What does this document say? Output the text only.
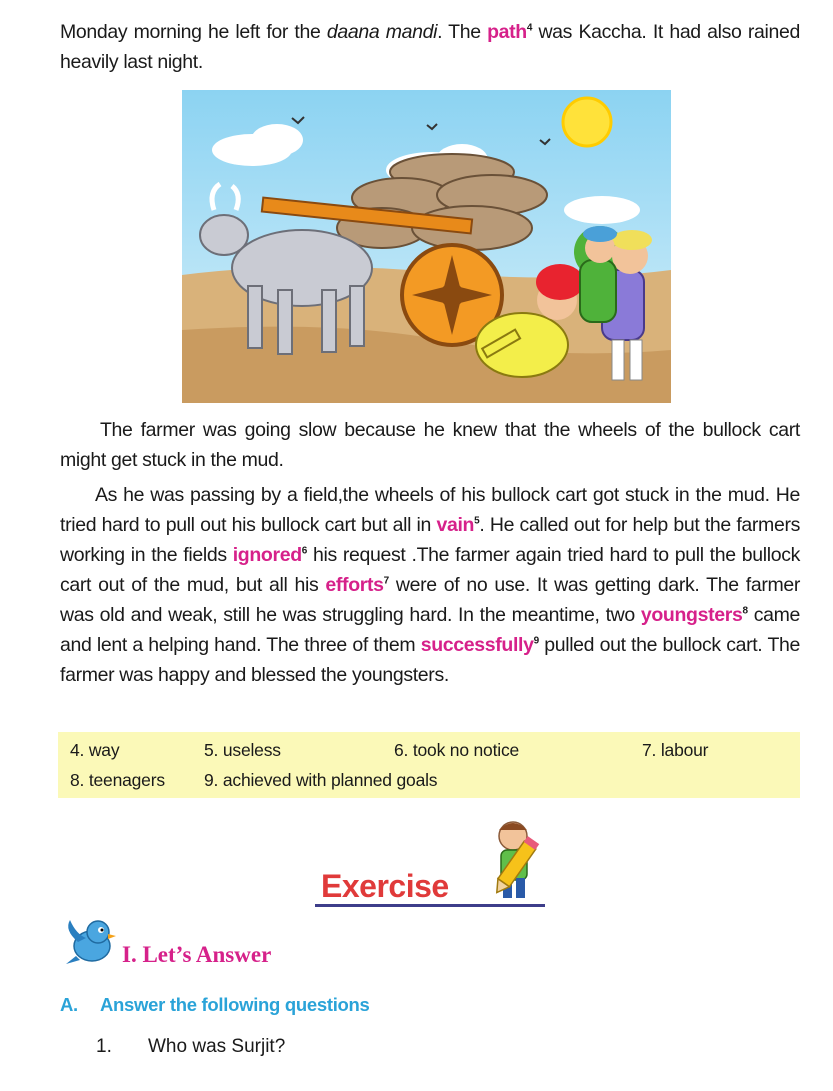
Monday morning he left for the daana mandi. The path$^4$ was Kaccha. It had also rained heavily last night.

The farmer was going slow because he knew that the wheels of the bullock cart might get stuck in the mud.

As he was passing by a field,the wheels of his bullock cart got stuck in the mud. He tried hard to pull out his bullock cart but all in vain$^5$. He called out for help but the farmers working in the fields ignored$^6$ his request .The farmer again tried hard to pull the bullock cart out of the mud, but all his efforts$^7$ were of no use. It was getting dark. The farmer was old and weak, still he was struggling hard. In the meantime, two youngsters$^8$ came and lent a helping hand. The three of them successfully$^9$ pulled out the bullock cart. The farmer was happy and blessed the youngsters.

4. way	5. useless	6. took no notice	7. labour
8. teenagers 9. achieved with planned goals
Exercise
I. Let’s Answer
A. Answer the following questions
1. Who was Surjit?
